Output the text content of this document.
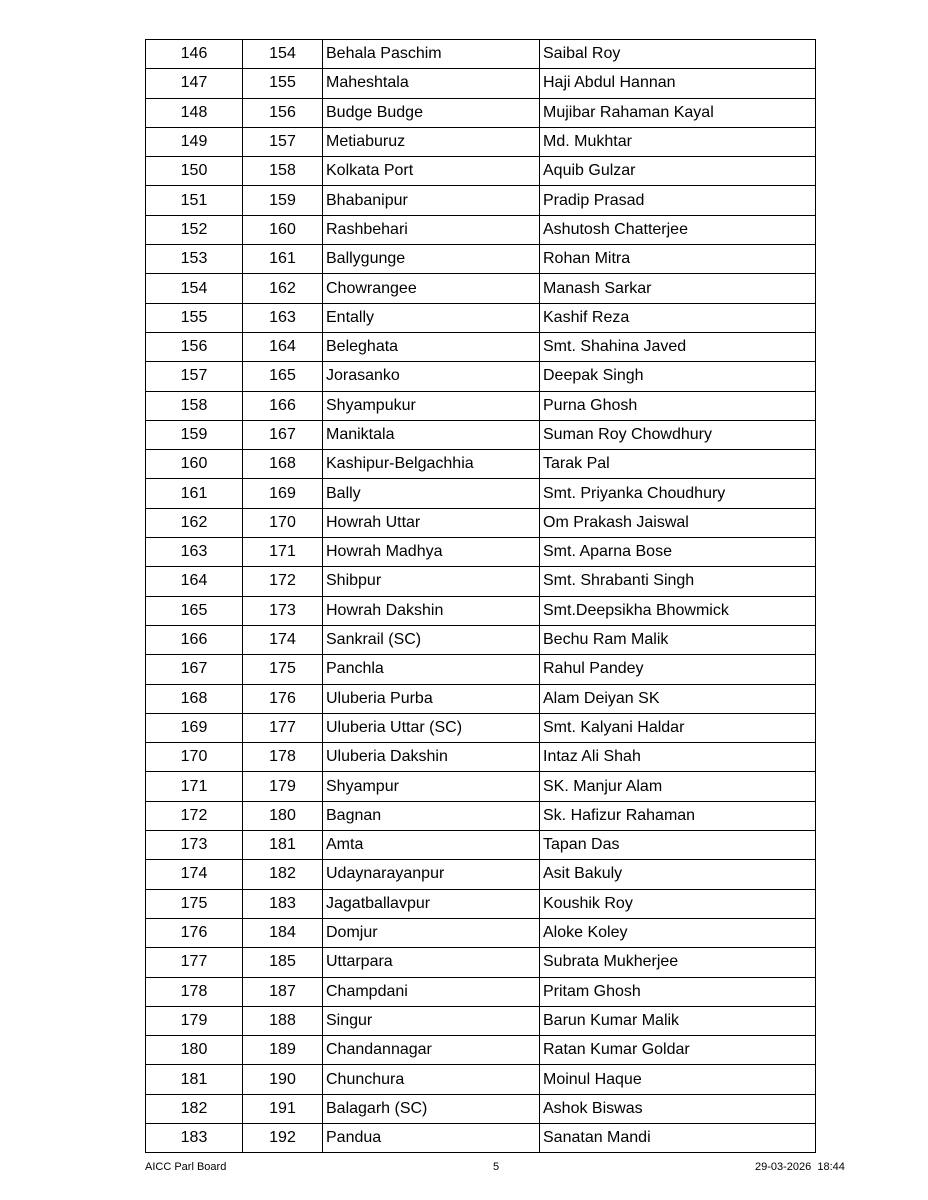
146	154	Behala Paschim	Saibal Roy
147	155	Maheshtala	Haji Abdul Hannan
148	156	Budge Budge	Mujibar Rahaman Kayal
149	157	Metiaburuz	Md. Mukhtar
150	158	Kolkata Port	Aquib Gulzar
151	159	Bhabanipur	Pradip Prasad
152	160	Rashbehari	Ashutosh Chatterjee
153	161	Ballygunge	Rohan Mitra
154	162	Chowrangee	Manash Sarkar
155	163	Entally	Kashif Reza
156	164	Beleghata	Smt. Shahina Javed
157	165	Jorasanko	Deepak Singh
158	166	Shyampukur	Purna Ghosh
159	167	Maniktala	Suman Roy Chowdhury
160	168	Kashipur-Belgachhia	Tarak Pal
161	169	Bally	Smt. Priyanka Choudhury
162	170	Howrah Uttar	Om Prakash Jaiswal
163	171	Howrah Madhya	Smt. Aparna Bose
164	172	Shibpur	Smt. Shrabanti Singh
165	173	Howrah Dakshin	Smt.Deepsikha Bhowmick
166	174	Sankrail (SC)	Bechu Ram Malik
167	175	Panchla	Rahul Pandey
168	176	Uluberia Purba	Alam Deiyan SK
169	177	Uluberia Uttar (SC)	Smt. Kalyani Haldar
170	178	Uluberia Dakshin	Intaz Ali Shah
171	179	Shyampur	SK. Manjur Alam
172	180	Bagnan	Sk. Hafizur Rahaman
173	181	Amta	Tapan Das
174	182	Udaynarayanpur	Asit Bakuly
175	183	Jagatballavpur	Koushik Roy
176	184	Domjur	Aloke Koley
177	185	Uttarpara	Subrata Mukherjee
178	187	Champdani	Pritam Ghosh
179	188	Singur	Barun Kumar Malik
180	189	Chandannagar	Ratan Kumar Goldar
181	190	Chunchura	Moinul Haque
182	191	Balagarh (SC)	Ashok Biswas
183	192	Pandua	Sanatan Mandi
AICC Parl Board	5	29-03-2026  18:44
